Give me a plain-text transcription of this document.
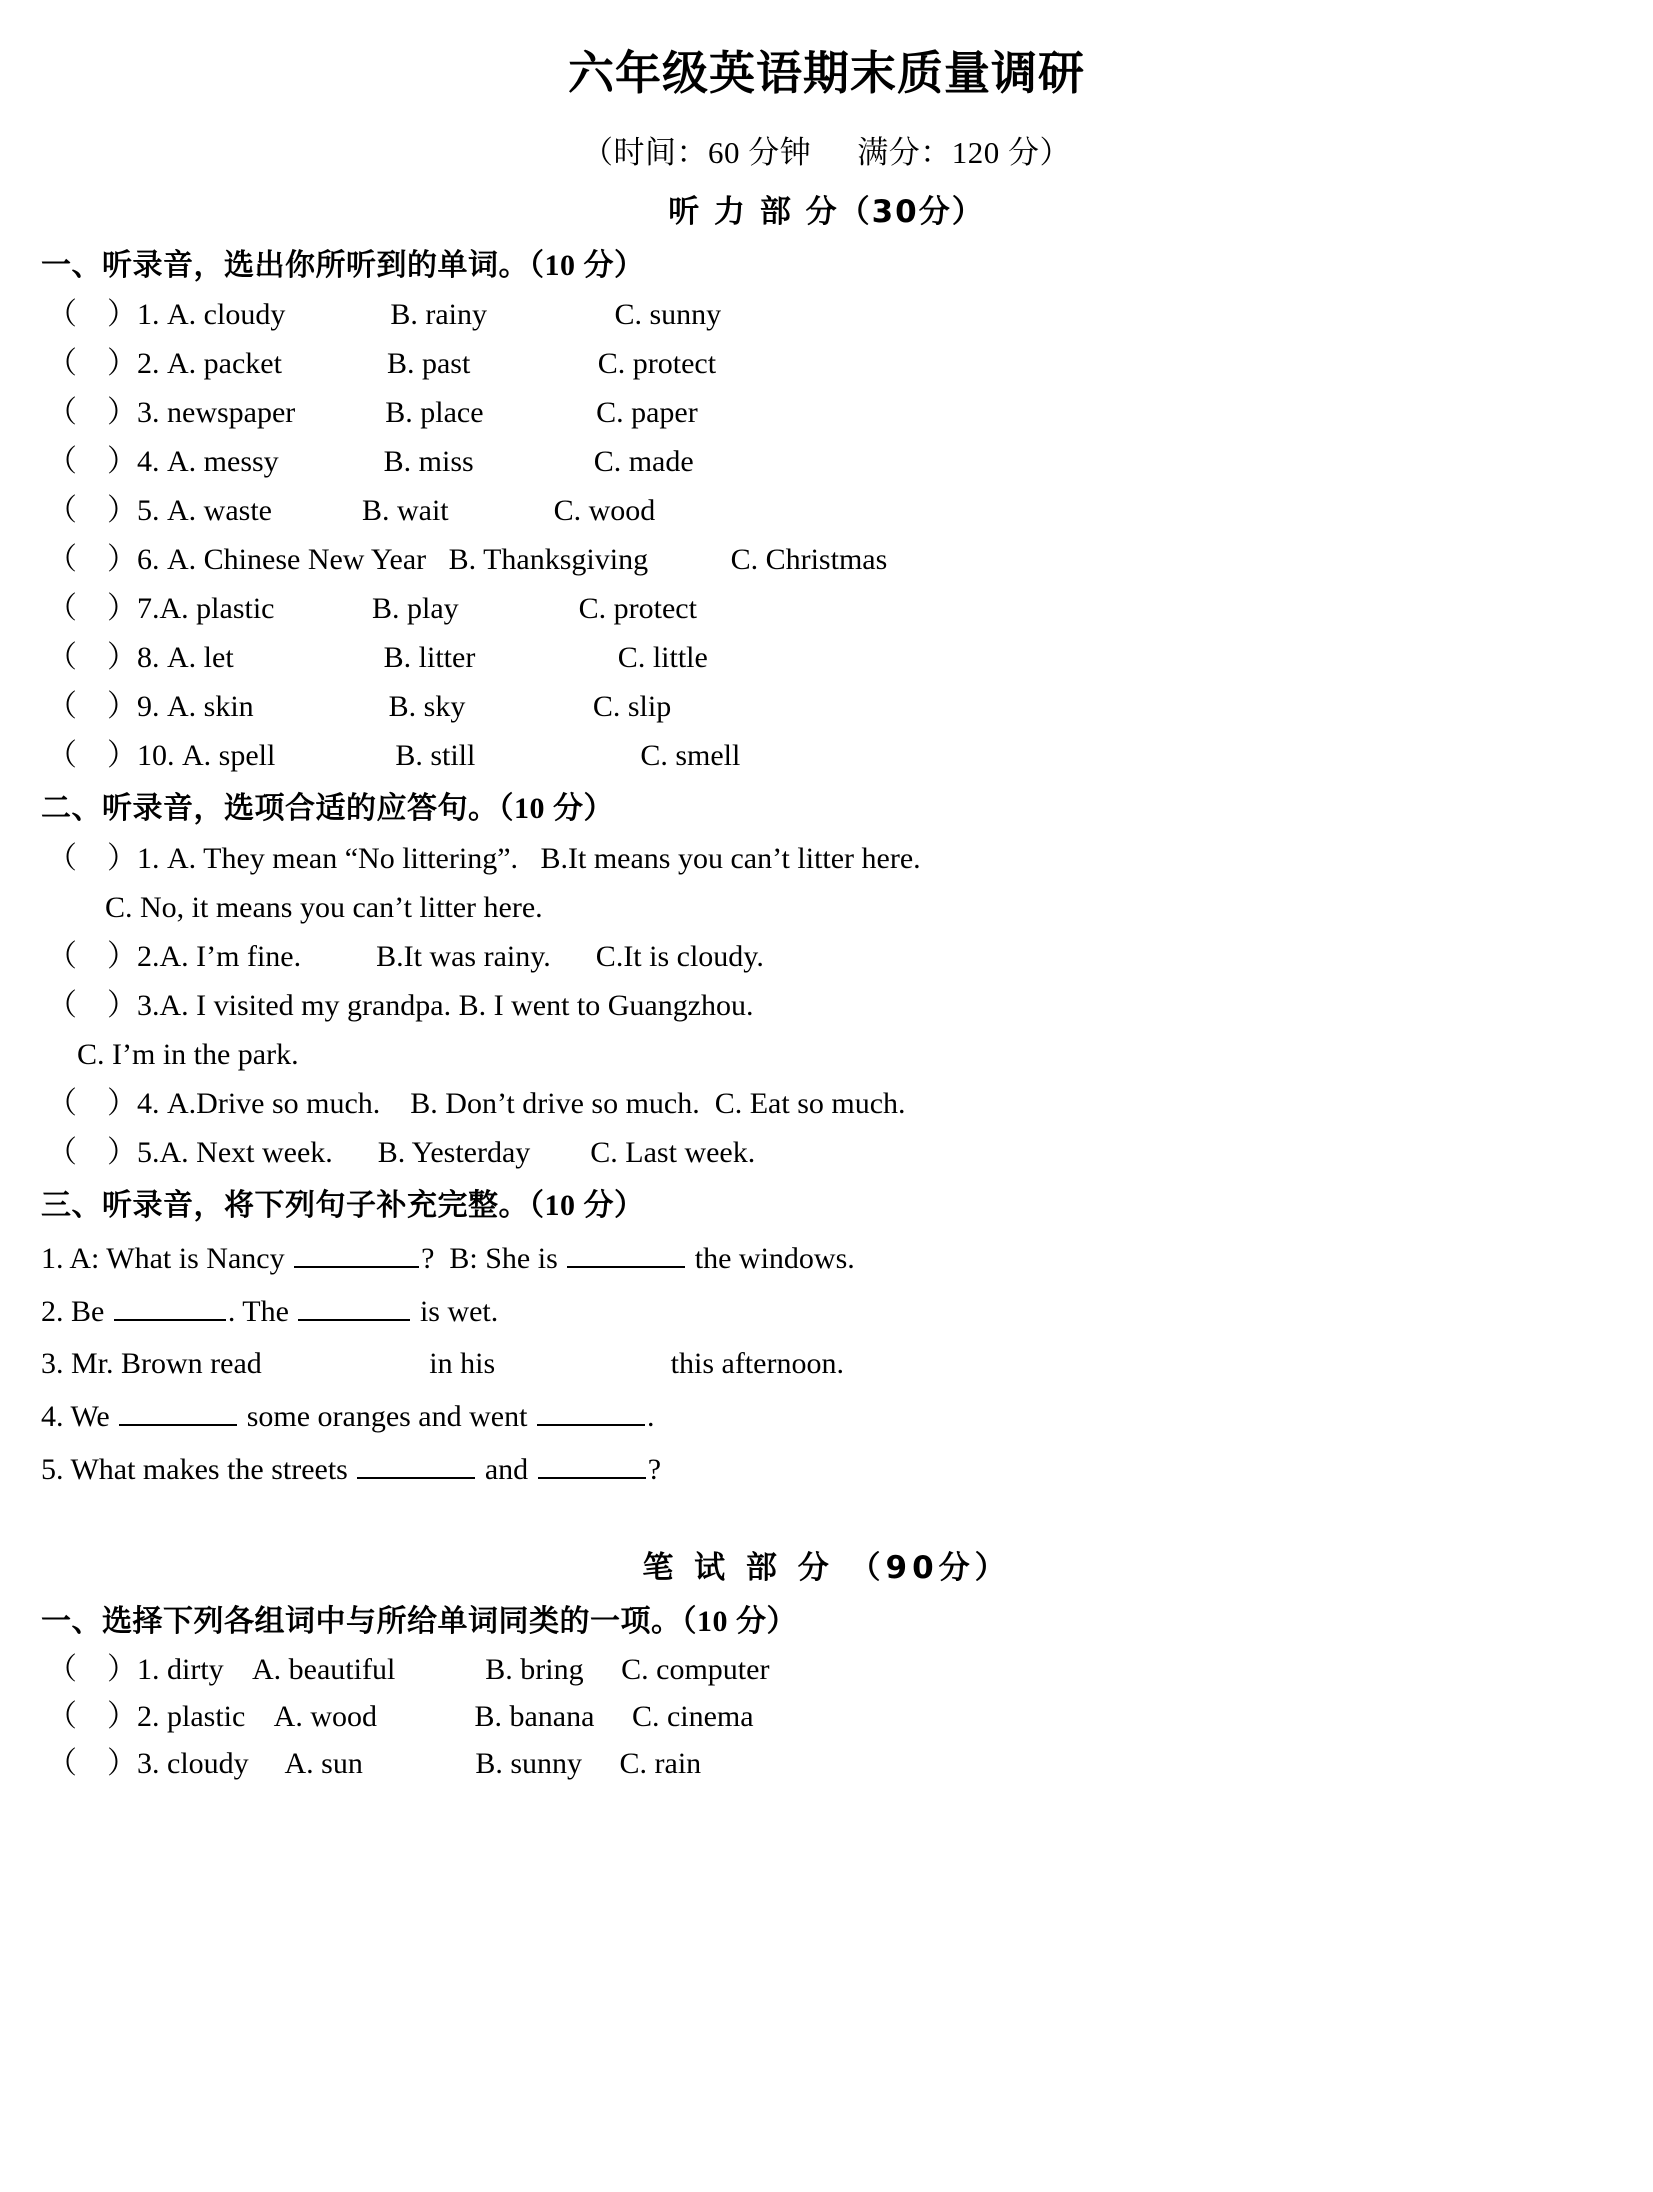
六年级英语期末质量调研

（时间：60 分钟 满分：120 分）

听 力 部 分（30分）
一、听录音，选出你所听到的单词。（10 分）
（　）1. A. cloudy              B. rainy                 C. sunny
（　）2. A. packet              B. past                 C. protect
（　）3. newspaper            B. place               C. paper
（　）4. A. messy              B. miss                C. made
（　）5. A. waste            B. wait              C. wood
（　）6. A. Chinese New Year   B. Thanksgiving           C. Christmas
（　）7.A. plastic             B. play                C. protect
（　）8. A. let                    B. litter                   C. little
（　）9. A. skin                  B. sky                 C. slip
（　）10. A. spell                B. still                      C. smell
二、听录音，选项合适的应答句。（10 分）
（　）1. A. They mean “No littering”.   B.It means you can’t litter here.
C. No, it means you can’t litter here.
（　）2.A. I’m fine.          B.It was rainy.      C.It is cloudy.
（　）3.A. I visited my grandpa. B. I went to Guangzhou.
C. I’m in the park.
（　）4. A.Drive so much.    B. Don’t drive so much.  C. Eat so much.
（　）5.A. Next week.      B. Yesterday        C. Last week.
三、听录音，将下列句子补充完整。（10 分）
1. A: What is Nancy	?  B: She is	the windows.
2. Be	. The	is wet.
3. Mr. Brown read	in his	this afternoon.
4. We	some oranges and went	.
5. What makes the streets	and	?
笔 试 部 分 （90分）
一、选择下列各组词中与所给单词同类的一项。（10 分）
（　）1. dirty    A. beautiful            B. bring     C. computer
（　）2. plastic    A. wood             B. banana     C. cinema
（　）3. cloudy     A. sun               B. sunny     C. rain
